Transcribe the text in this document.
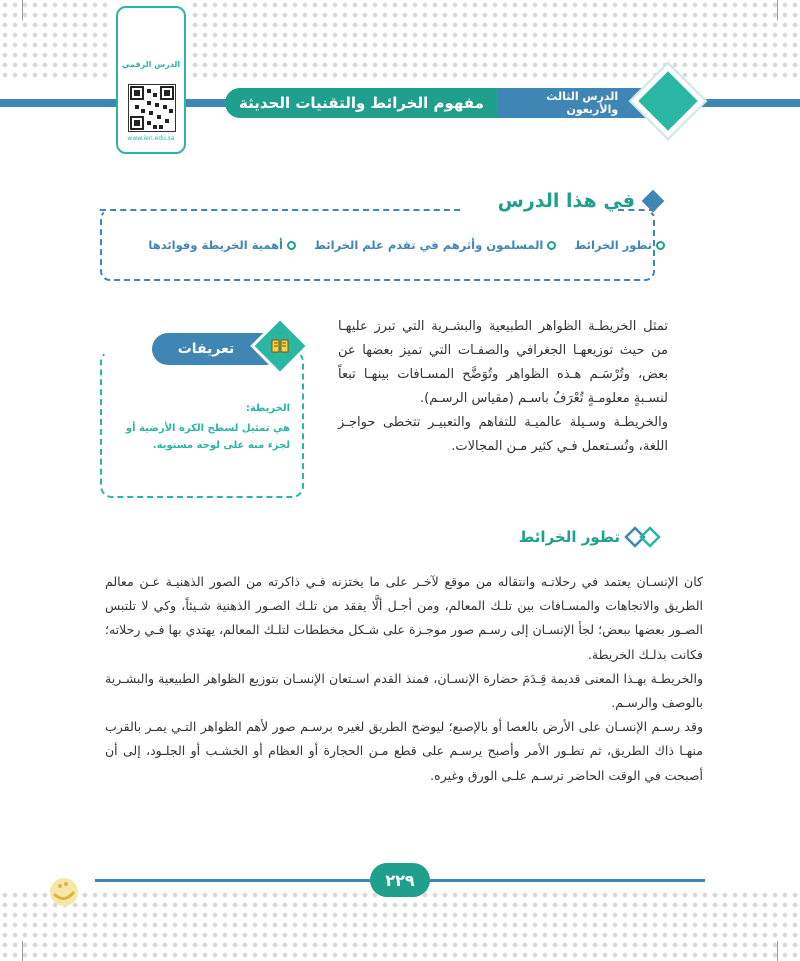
الدرس الرقمي
www.ien.edu.sa
الدرس الثالث والأربعون
مفهوم الخرائط والتقنيات الحديثة
في هذا الدرس
تطور الخرائط
المسلمون وأثرهم في تقدم علم الخرائط
أهمية الخريطة وفوائدها

تمثل الخريطـة الظواهر الطبيعية والبشـرية التي تبرز عليهـا من حيث توزيعهـا الجغرافي والصفـات التي تميز بعضها عن بعض، وتُرْسَـم هـذه الظواهر وتُوَضَّح المسـافات بينهـا تبعاً لنسـبةٍ معلومـةٍ تُعْرَفُ باسـم (مقياس الرسـم).

والخريطـة وسـيلة عالميـة للتفاهم والتعبيـر تتخطى حواجـز اللغة، وتُسـتعمل فـي كثير مـن المجالات.

تعريفات
الخريطة:
هي تمثيل لسطح الكرة الأرضية أو لجزء منه على لوحة مستوية.
تطور الخرائط

كان الإنسـان يعتمد في رحلاتـه وانتقاله من موقع لآخـر على ما يختزنه فـي ذاكرته من الصور الذهنيـة عـن معالم الطريق والاتجاهات والمسـافات بين تلـك المعالم، ومن أجـل ألَّا يفقد من تلـك الصـور الذهنية شـيئاً، وكي لا تلتبس الصـور بعضها ببعض؛ لجأ الإنسـان إلى رسـم صور موجـزة على شـكل مخططات لتلـك المعالم، يهتدي بها فـي رحلاته؛ فكانت بذلـك الخريطة.

والخريطـة بهـذا المعنى قديمة قِـدَمَ حضارة الإنسـان، فمنذ القدم اسـتعان الإنسـان بتوزيع الظواهر الطبيعية والبشـرية بالوصف والرسـم.

وقد رسـم الإنسـان على الأرض بالعصا أو بالإصبع؛ ليوضح الطريق لغيره برسـم صور لأهم الظواهر التـي يمـر بالقرب منهـا ذاك الطريق، ثم تطـور الأمر وأصبح يرسـم على قطع مـن الحجارة أو العظام أو الخشـب أو الجلـود، إلى أن أصبحت في الوقت الحاضر ترسـم علـى الورق وغيره.

٢٢٩
